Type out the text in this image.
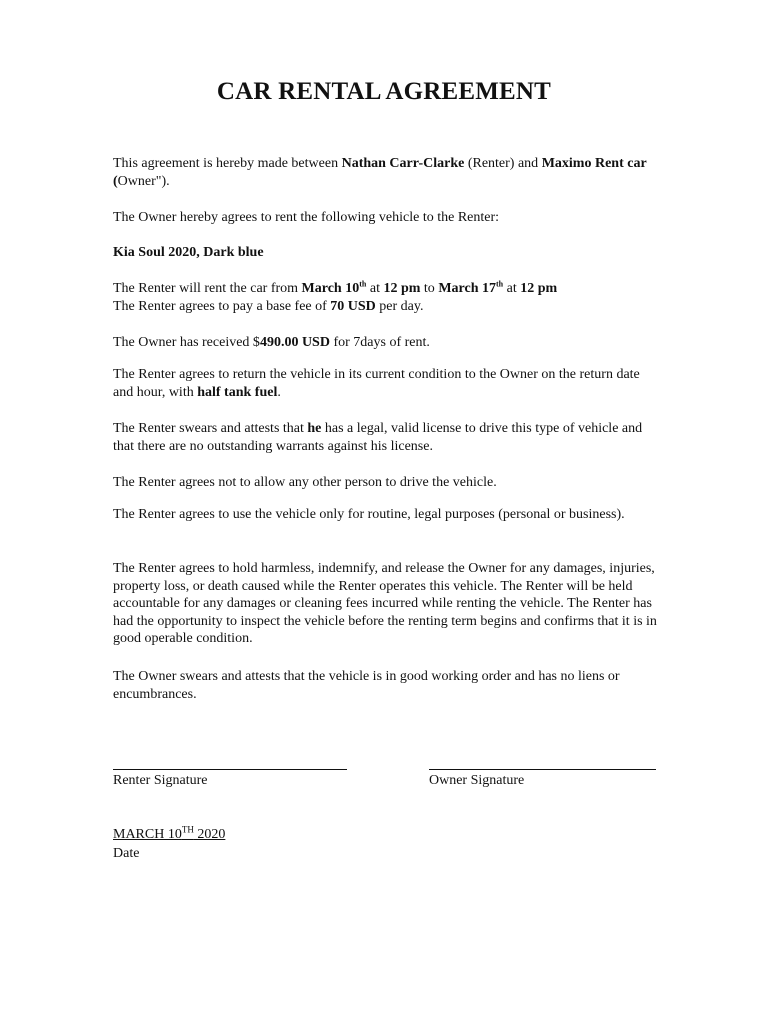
CAR RENTAL AGREEMENT

This agreement is hereby made between Nathan Carr-Clarke (Renter) and Maximo Rent car (Owner").

The Owner hereby agrees to rent the following vehicle to the Renter:

Kia Soul 2020, Dark blue

The Renter will rent the car from March 10th at 12 pm to March 17th at 12 pm

The Renter agrees to pay a base fee of 70 USD per day.

The Owner has received $490.00 USD for 7days of rent.

The Renter agrees to return the vehicle in its current condition to the Owner on the return date and hour, with half tank fuel.

The Renter swears and attests that he has a legal, valid license to drive this type of vehicle and that there are no outstanding warrants against his license.

The Renter agrees not to allow any other person to drive the vehicle.

The Renter agrees to use the vehicle only for routine, legal purposes (personal or business).

The Renter agrees to hold harmless, indemnify, and release the Owner for any damages, injuries, property loss, or death caused while the Renter operates this vehicle. The Renter will be held accountable for any damages or cleaning fees incurred while renting the vehicle. The Renter has had the opportunity to inspect the vehicle before the renting term begins and confirms that it is in good operable condition.

The Owner swears and attests that the vehicle is in good working order and has no liens or encumbrances.

Renter Signature	Owner Signature
MARCH 10TH 2020
Date
